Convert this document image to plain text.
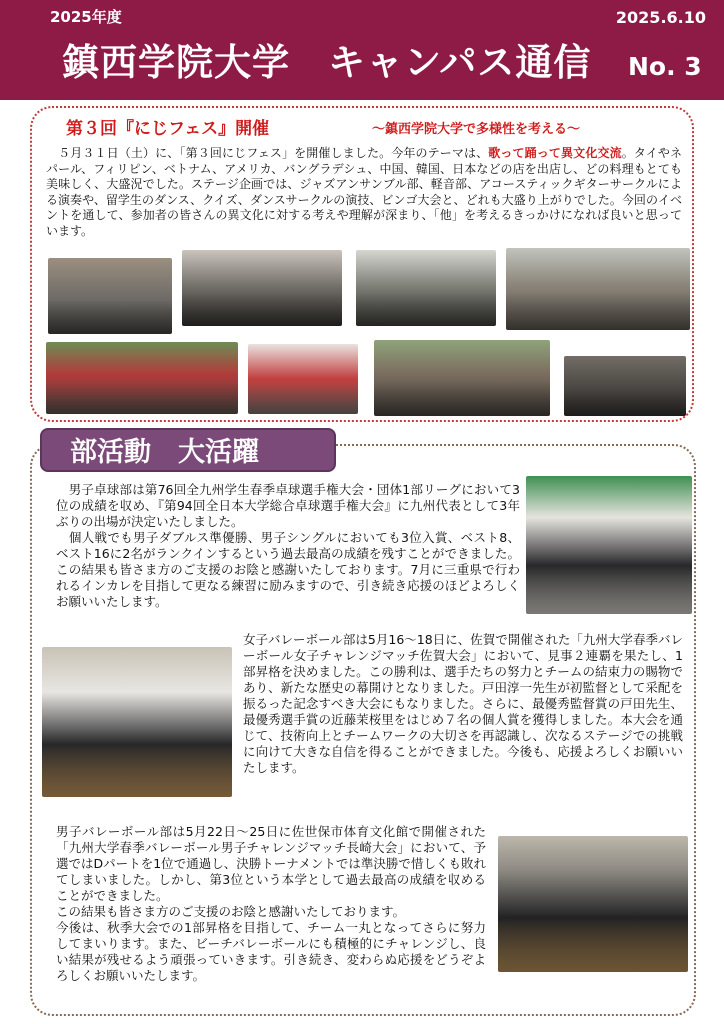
2025年度	2025.6.10
鎮西学院大学　キャンパス通信 No. 3
第３回『にじフェス』開催	～鎮西学院大学で多様性を考える～

　５月３１日（土）に、「第３回にじフェス」を開催しました。今年のテーマは、歌って踊って異文化交流。タイやネパール、フィリピン、ベトナム、アメリカ、バングラデシュ、中国、韓国、日本などの店を出店し、どの料理もとても美味しく、大盛況でした。ステージ企画では、ジャズアンサンブル部、軽音部、アコースティックギターサークルによる演奏や、留学生のダンス、クイズ、ダンスサークルの演技、ビンゴ大会と、どれも大盛り上がりでした。今回のイベントを通して、参加者の皆さんの異文化に対する考えや理解が深まり、「他」を考えるきっかけになれば良いと思っています。

部活動　大活躍

　男子卓球部は第76回全九州学生春季卓球選手権大会・団体1部リーグにおいて3位の成績を収め、『第94回全日本大学総合卓球選手権大会』に九州代表として3年ぶりの出場が決定いたしました。
　個人戦でも男子ダブルス準優勝、男子シングルにおいても3位入賞、ベスト8、ベスト16に2名がランクインするという過去最高の成績を残すことができました。この結果も皆さま方のご支援のお陰と感謝いたしております。7月に三重県で行われるインカレを目指して更なる練習に励みますので、引き続き応援のほどよろしくお願いいたします。

女子バレーボール部は5月16～18日に、佐賀で開催された「九州大学春季バレーボール女子チャレンジマッチ佐賀大会」において、見事２連覇を果たし、1部昇格を決めました。この勝利は、選手たちの努力とチームの結束力の賜物であり、新たな歴史の幕開けとなりました。戸田淳一先生が初監督として采配を振るった記念すべき大会にもなりました。さらに、最優秀監督賞の戸田先生、最優秀選手賞の近藤茉桜里をはじめ７名の個人賞を獲得しました。本大会を通じて、技術向上とチームワークの大切さを再認識し、次なるステージでの挑戦に向けて大きな自信を得ることができました。今後も、応援よろしくお願いいたします。

男子バレーボール部は5月22日～25日に佐世保市体育文化館で開催された「九州大学春季バレーボール男子チャレンジマッチ長崎大会」において、予選ではDパートを1位で通過し、決勝トーナメントでは準決勝で惜しくも敗れてしまいました。しかし、第3位という本学として過去最高の成績を収めることができました。
この結果も皆さま方のご支援のお陰と感謝いたしております。
今後は、秋季大会での1部昇格を目指して、チーム一丸となってさらに努力してまいります。また、ビーチバレーボールにも積極的にチャレンジし、良い結果が残せるよう頑張っていきます。引き続き、変わらぬ応援をどうぞよろしくお願いいたします。
